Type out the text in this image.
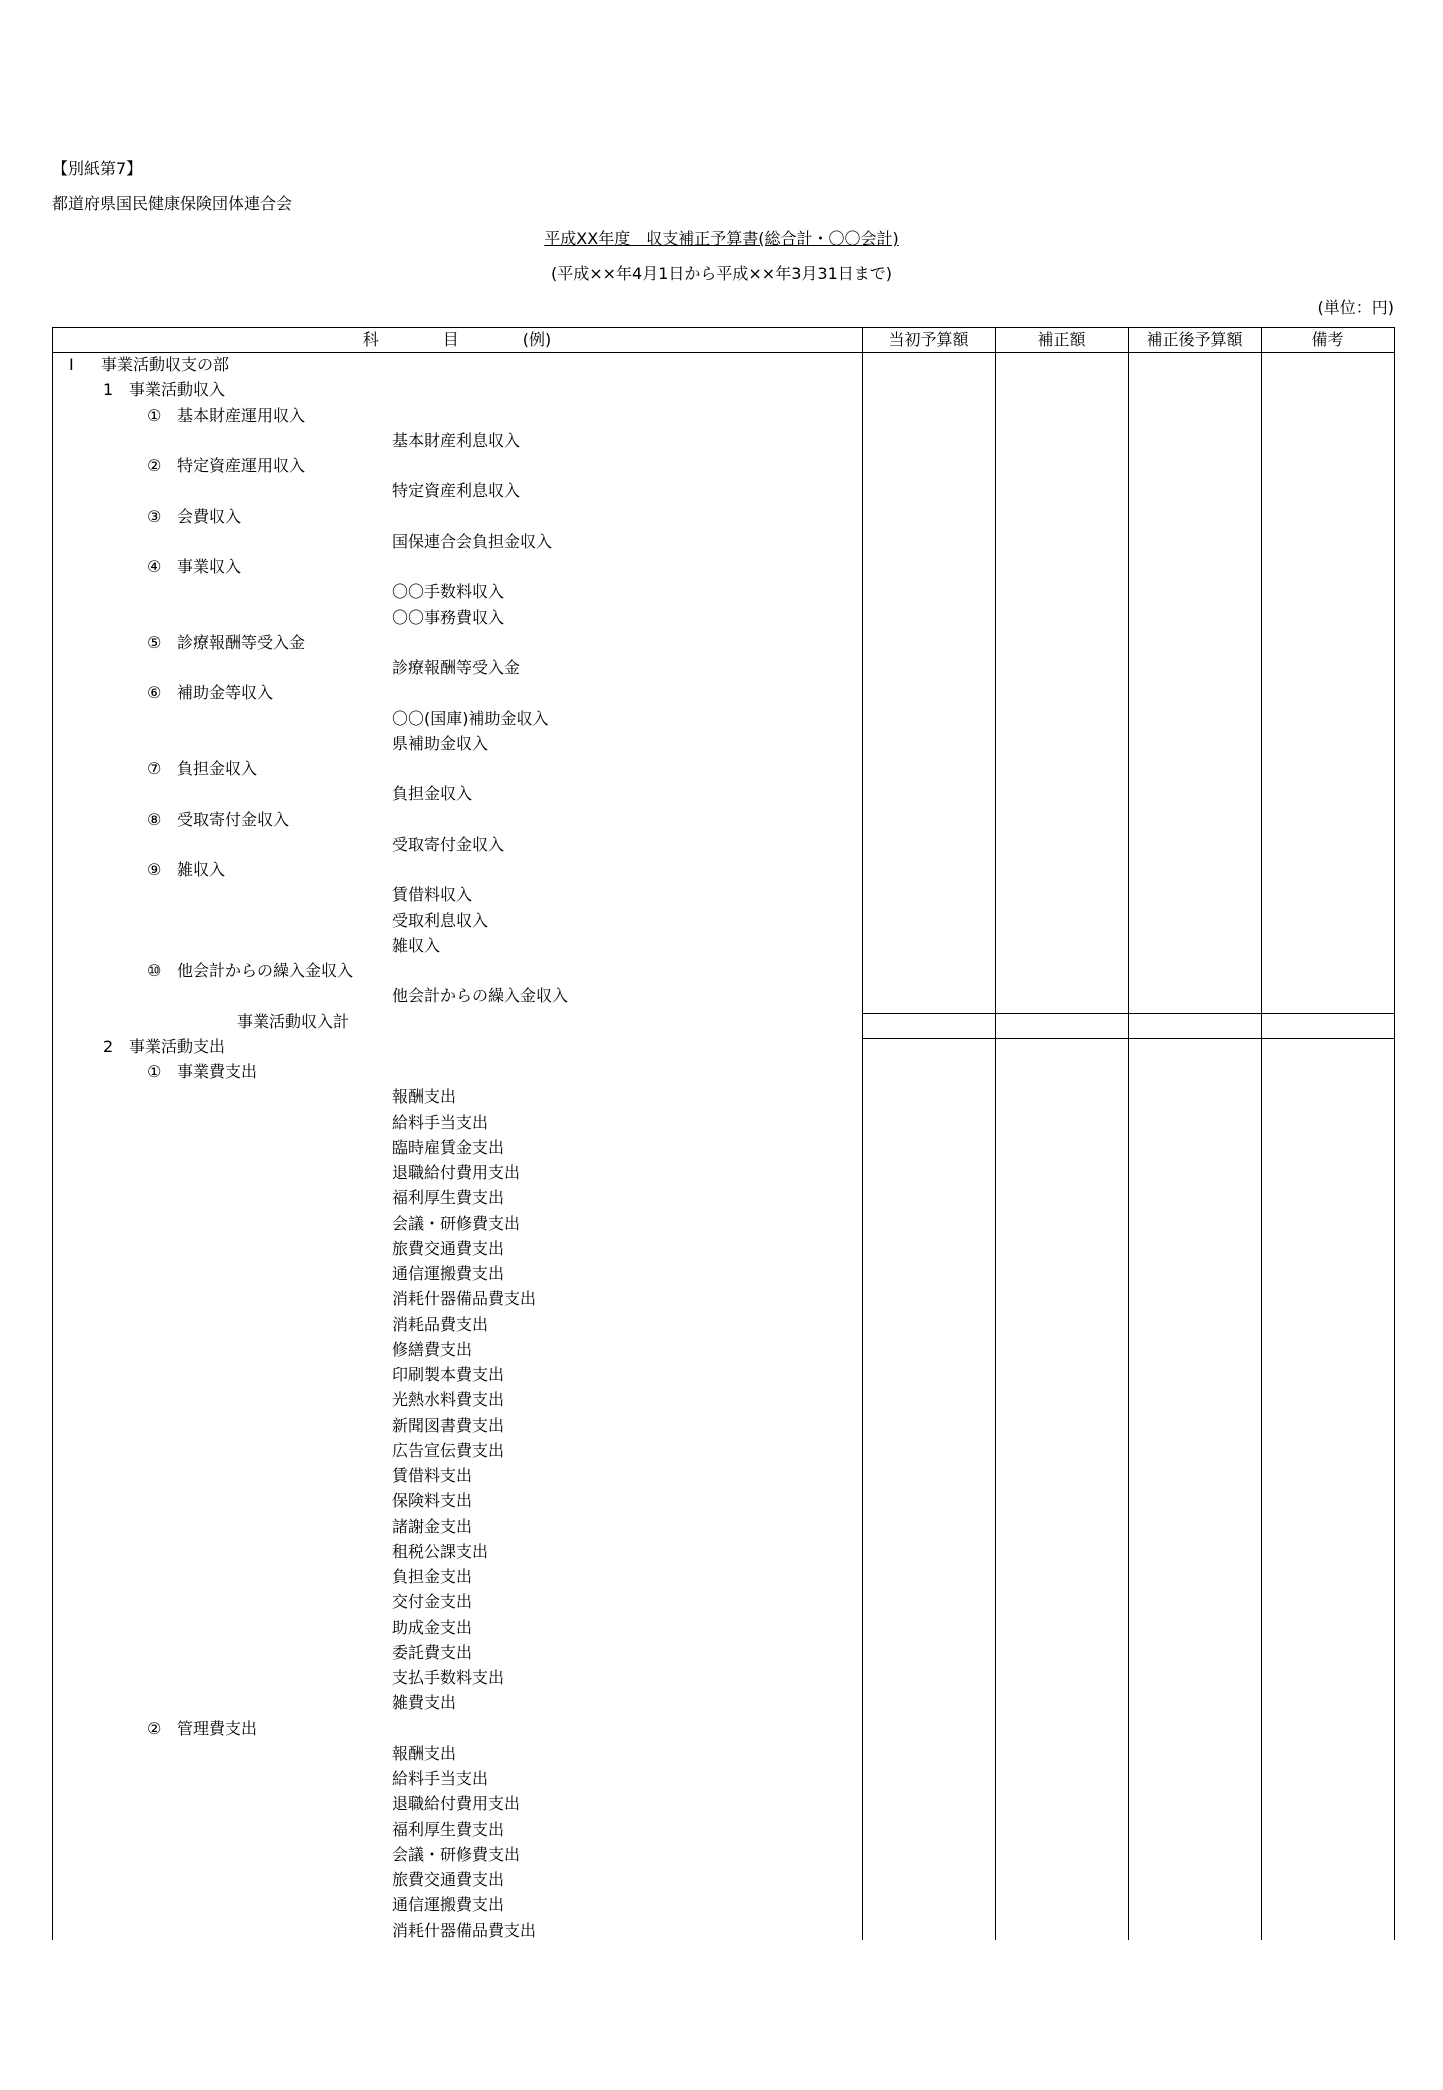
【別紙第7】
都道府県国民健康保険団体連合会
平成XX年度　収支補正予算書(総合計・〇〇会計)
(平成××年4月1日から平成××年3月31日まで)
(単位：円)
科　　　　目　　　　(例)	当初予算額	補正額	補正後予算額	備考
Ⅰ 事業活動収支の部
1 事業活動収入
① 基本財産運用収入
基本財産利息収入
② 特定資産運用収入
特定資産利息収入
③ 会費収入
国保連合会負担金収入
④ 事業収入
〇〇手数料収入
〇〇事務費収入
⑤ 診療報酬等受入金
診療報酬等受入金
⑥ 補助金等収入
〇〇(国庫)補助金収入
県補助金収入
⑦ 負担金収入
負担金収入
⑧ 受取寄付金収入
受取寄付金収入
⑨ 雑収入
賃借料収入
受取利息収入
雑収入
⑩ 他会計からの繰入金収入
他会計からの繰入金収入
事業活動収入計
2 事業活動支出
① 事業費支出
報酬支出
給料手当支出
臨時雇賃金支出
退職給付費用支出
福利厚生費支出
会議・研修費支出
旅費交通費支出
通信運搬費支出
消耗什器備品費支出
消耗品費支出
修繕費支出
印刷製本費支出
光熱水料費支出
新聞図書費支出
広告宣伝費支出
賃借料支出
保険料支出
諸謝金支出
租税公課支出
負担金支出
交付金支出
助成金支出
委託費支出
支払手数料支出
雑費支出
② 管理費支出
報酬支出
給料手当支出
退職給付費用支出
福利厚生費支出
会議・研修費支出
旅費交通費支出
通信運搬費支出
消耗什器備品費支出
